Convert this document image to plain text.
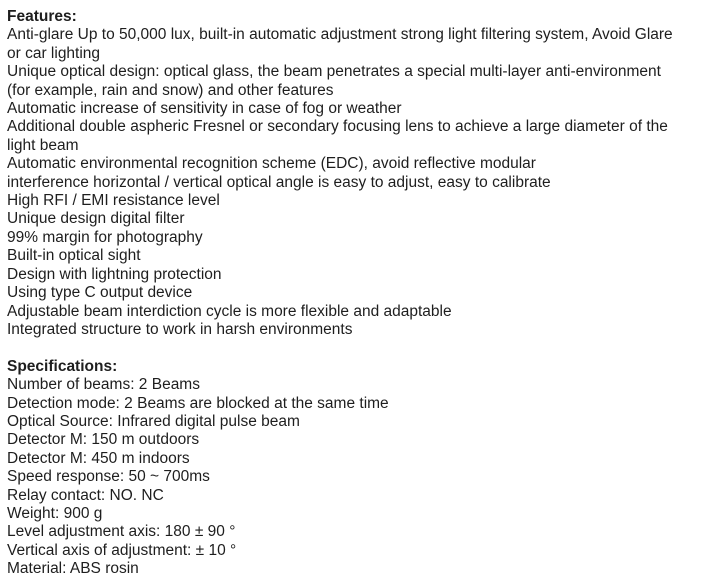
Features:
Anti-glare Up to 50,000 lux, built-in automatic adjustment strong light filtering system, Avoid Glare
or car lighting
Unique optical design: optical glass, the beam penetrates a special multi-layer anti-environment
(for example, rain and snow) and other features
Automatic increase of sensitivity in case of fog or weather
Additional double aspheric Fresnel or secondary focusing lens to achieve a large diameter of the
light beam
Automatic environmental recognition scheme (EDC), avoid reflective modular
interference horizontal / vertical optical angle is easy to adjust, easy to calibrate
High RFI / EMI resistance level
Unique design digital filter
99% margin for photography
Built-in optical sight
Design with lightning protection
Using type C output device
Adjustable beam interdiction cycle is more flexible and adaptable
Integrated structure to work in harsh environments
Specifications:
Number of beams: 2 Beams
Detection mode: 2 Beams are blocked at the same time
Optical Source: Infrared digital pulse beam
Detector M: 150 m outdoors
Detector M: 450 m indoors
Speed response: 50 ~ 700ms
Relay contact: NO. NC
Weight: 900 g
Level adjustment axis: 180 ± 90 °
Vertical axis of adjustment: ± 10 °
Material: ABS rosin
